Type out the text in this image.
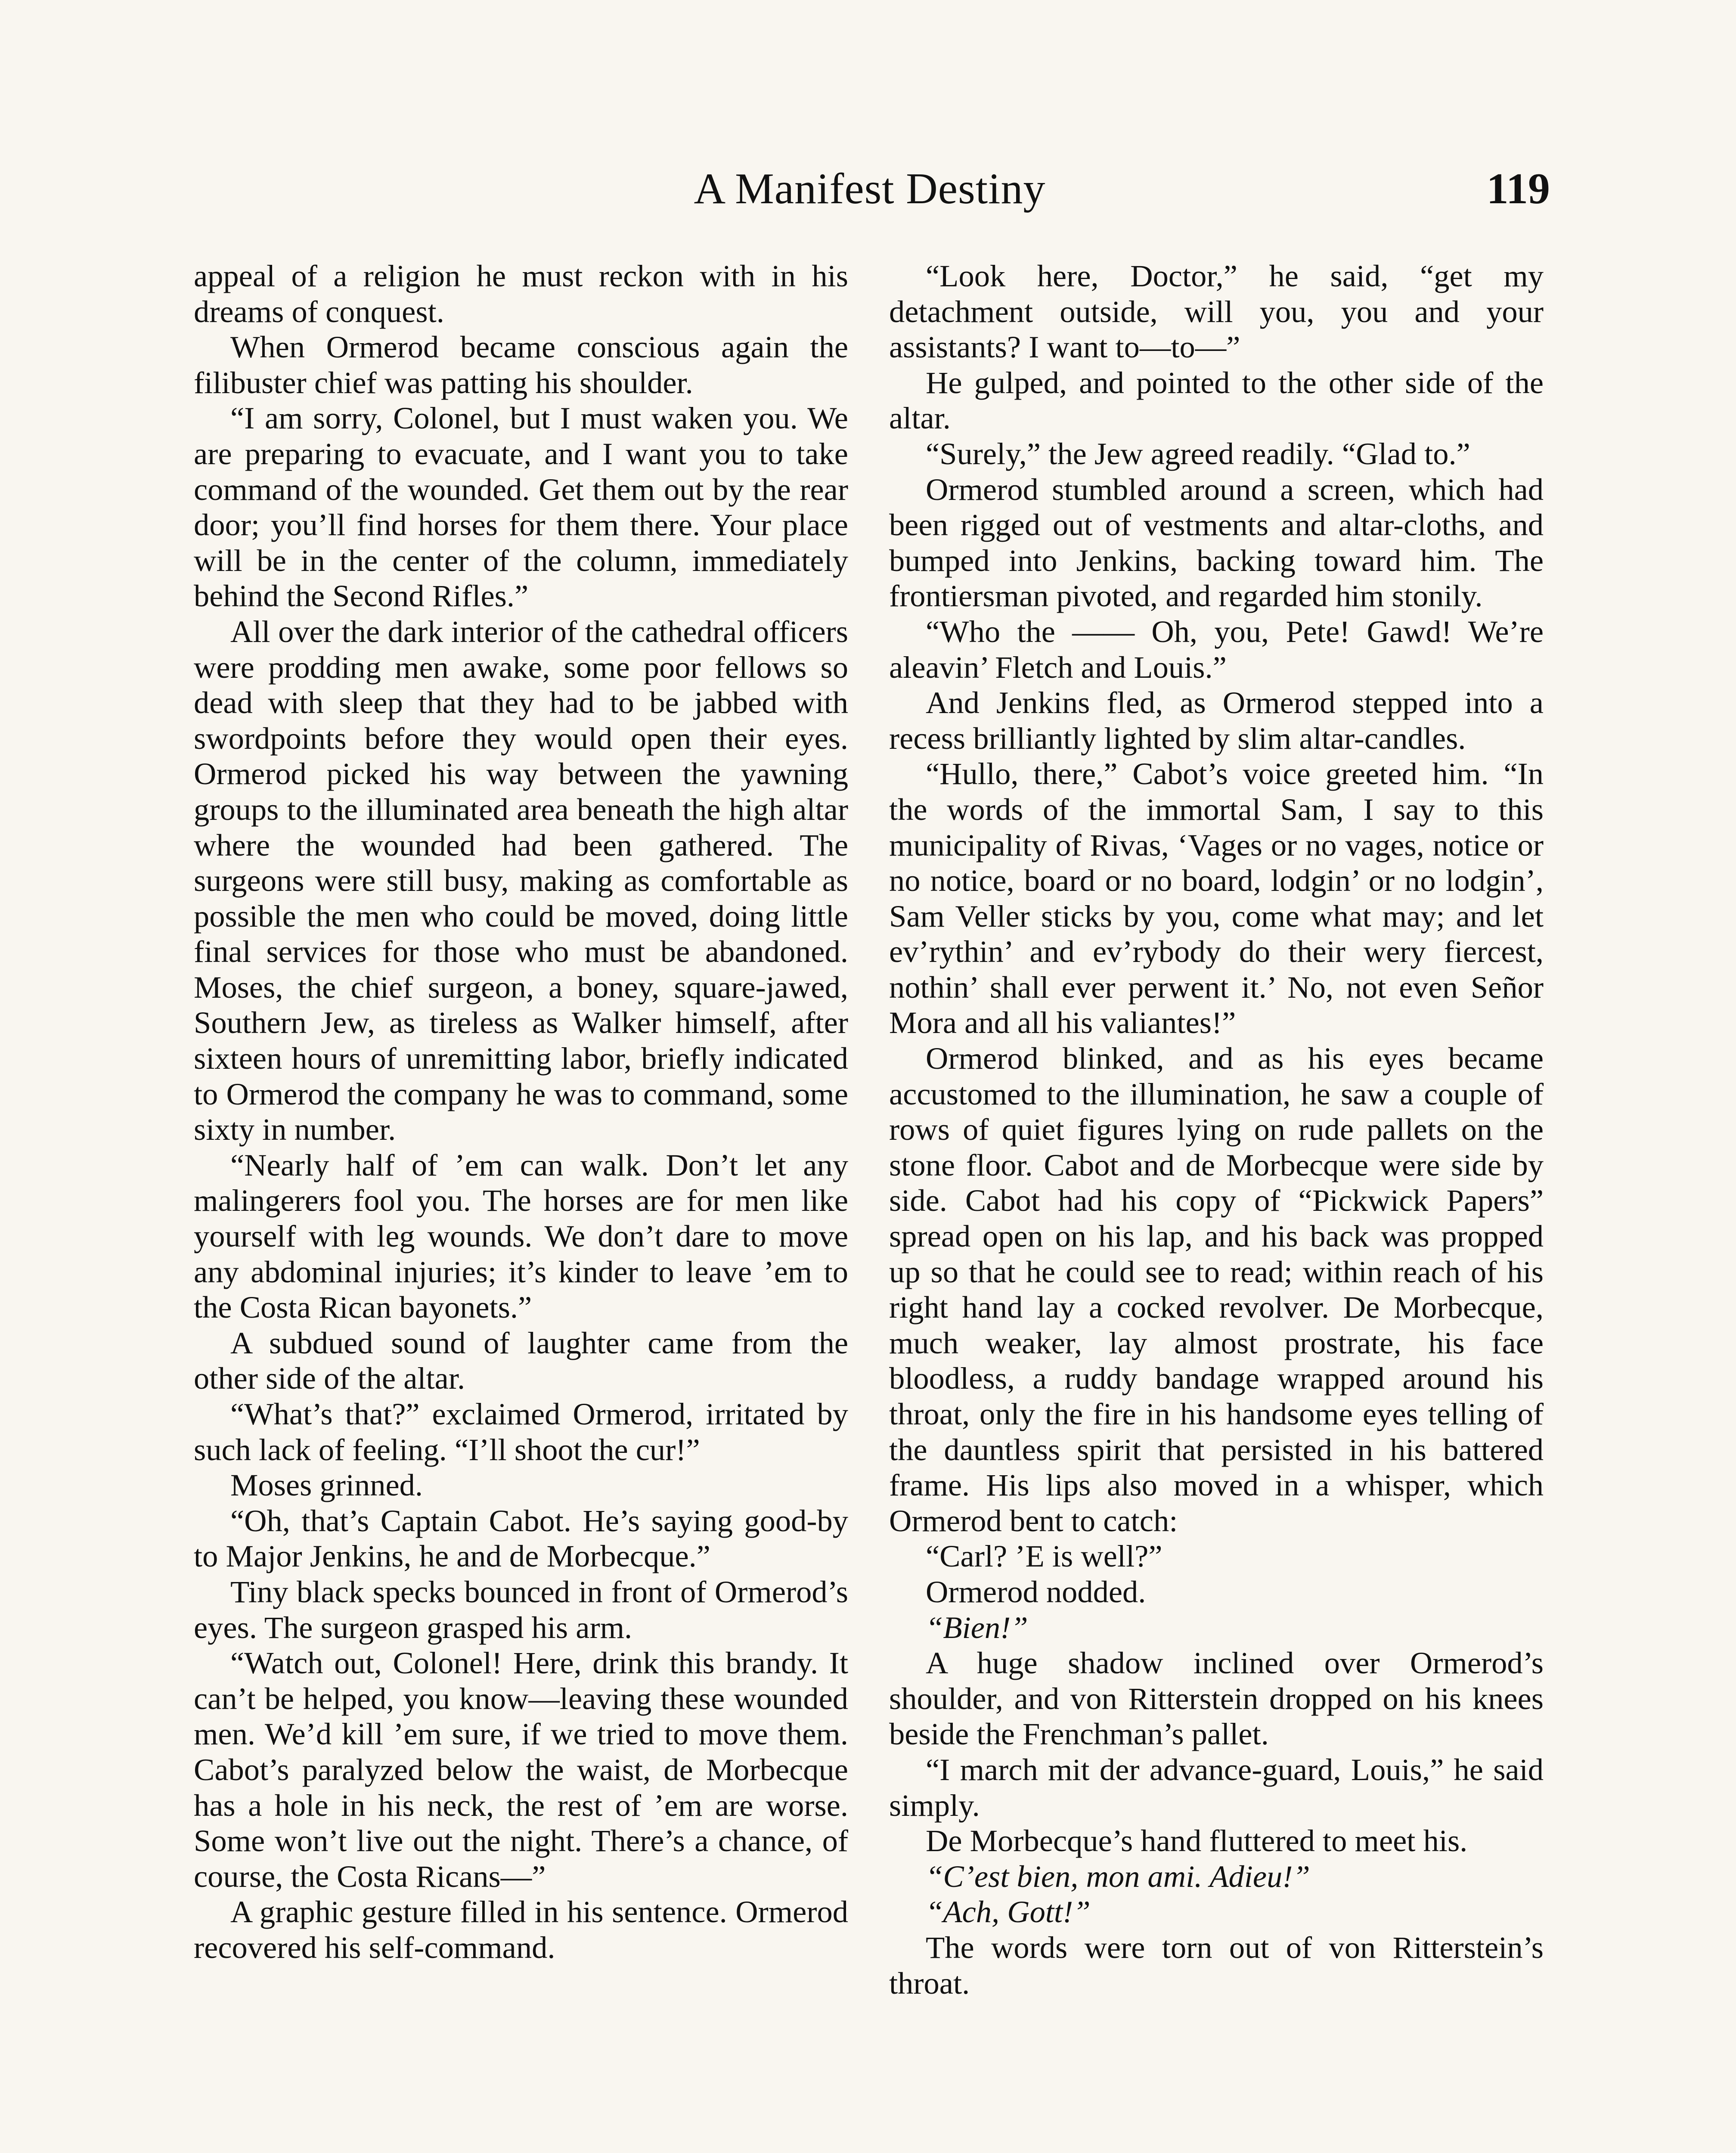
A Manifest Destiny	119

appeal of a religion he must reckon with in his dreams of conquest.

When Ormerod became conscious again the filibuster chief was patting his shoulder.

“I am sorry, Colonel, but I must waken you. We are preparing to evacuate, and I want you to take command of the wounded. Get them out by the rear door; you’ll find horses for them there. Your place will be in the center of the column, immediately behind the Second Rifles.”

All over the dark interior of the cathedral officers were prodding men awake, some poor fellows so dead with sleep that they had to be jabbed with swordpoints before they would open their eyes. Ormerod picked his way between the yawning groups to the illuminated area beneath the high altar where the wounded had been gathered. The surgeons were still busy, making as comfortable as possible the men who could be moved, doing little final services for those who must be abandoned. Moses, the chief surgeon, a boney, square-jawed, Southern Jew, as tireless as Walker himself, after sixteen hours of unremitting labor, briefly indicated to Ormerod the company he was to command, some sixty in number.

“Nearly half of ’em can walk. Don’t let any malingerers fool you. The horses are for men like yourself with leg wounds. We don’t dare to move any abdominal injuries; it’s kinder to leave ’em to the Costa Rican bayonets.”

A subdued sound of laughter came from the other side of the altar.

“What’s that?” exclaimed Ormerod, irritated by such lack of feeling. “I’ll shoot the cur!”

Moses grinned.

“Oh, that’s Captain Cabot. He’s saying good-by to Major Jenkins, he and de Morbecque.”

Tiny black specks bounced in front of Ormerod’s eyes. The surgeon grasped his arm.

“Watch out, Colonel! Here, drink this brandy. It can’t be helped, you know—leaving these wounded men. We’d kill ’em sure, if we tried to move them. Cabot’s paralyzed below the waist, de Morbecque has a hole in his neck, the rest of ’em are worse. Some won’t live out the night. There’s a chance, of course, the Costa Ricans—”

A graphic gesture filled in his sentence. Ormerod recovered his self-command.

“Look here, Doctor,” he said, “get my detachment outside, will you, you and your assistants? I want to—to—”

He gulped, and pointed to the other side of the altar.

“Surely,” the Jew agreed readily. “Glad to.”

Ormerod stumbled around a screen, which had been rigged out of vestments and altar-cloths, and bumped into Jenkins, backing toward him. The frontiersman pivoted, and regarded him stonily.

“Who the —— Oh, you, Pete! Gawd! We’re aleavin’ Fletch and Louis.”

And Jenkins fled, as Ormerod stepped into a recess brilliantly lighted by slim altar-candles.

“Hullo, there,” Cabot’s voice greeted him. “In the words of the immortal Sam, I say to this municipality of Rivas, ‘Vages or no vages, notice or no notice, board or no board, lodgin’ or no lodgin’, Sam Veller sticks by you, come what may; and let ev’rythin’ and ev’rybody do their wery fiercest, nothin’ shall ever perwent it.’ No, not even Señor Mora and all his valiantes!”

Ormerod blinked, and as his eyes became accustomed to the illumination, he saw a couple of rows of quiet figures lying on rude pallets on the stone floor. Cabot and de Morbecque were side by side. Cabot had his copy of “Pickwick Papers” spread open on his lap, and his back was propped up so that he could see to read; within reach of his right hand lay a cocked revolver. De Morbecque, much weaker, lay almost prostrate, his face bloodless, a ruddy bandage wrapped around his throat, only the fire in his handsome eyes telling of the dauntless spirit that persisted in his battered frame. His lips also moved in a whisper, which Ormerod bent to catch:

“Carl? ’E is well?”

Ormerod nodded.

“Bien!”

A huge shadow inclined over Ormerod’s shoulder, and von Ritterstein dropped on his knees beside the Frenchman’s pallet.

“I march mit der advance-guard, Louis,” he said simply.

De Morbecque’s hand fluttered to meet his.

“C’est bien, mon ami. Adieu!”

“Ach, Gott!”

The words were torn out of von Ritterstein’s throat.
